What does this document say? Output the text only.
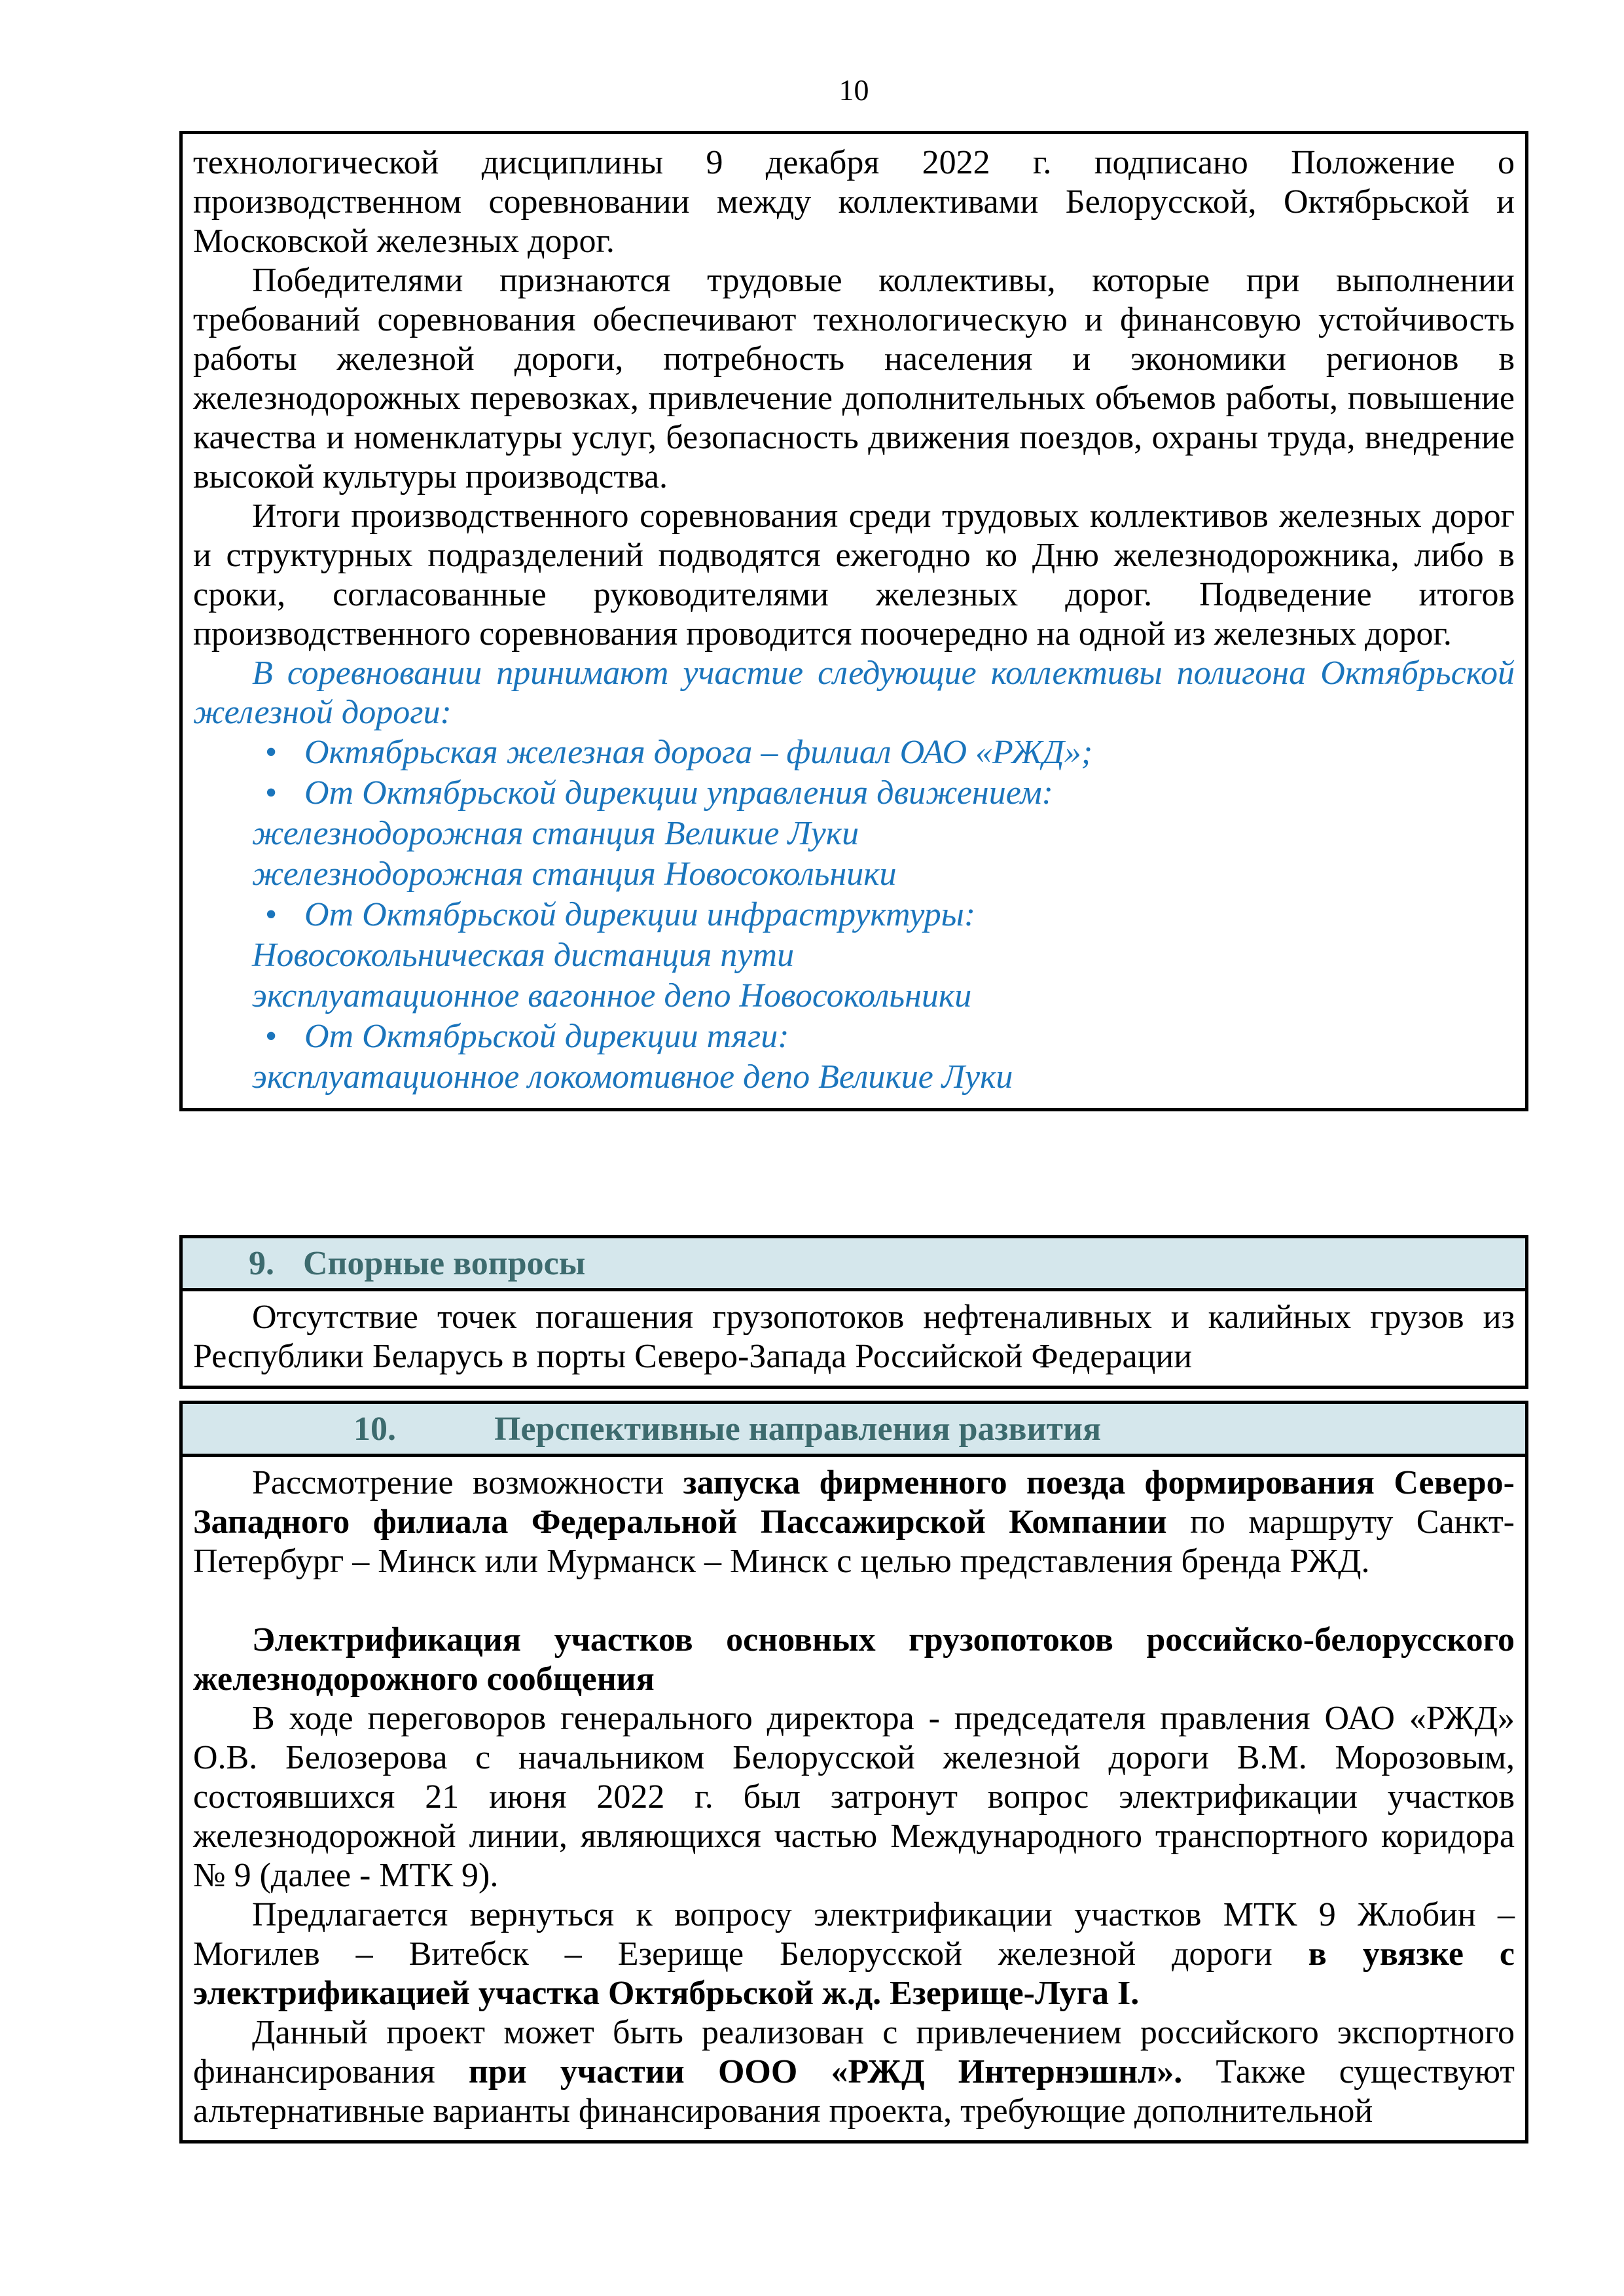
10

технологической дисциплины 9 декабря 2022 г. подписано Положение о производственном соревновании между коллективами Белорусской, Октябрьской и Московской железных дорог.

Победителями признаются трудовые коллективы, которые при выполнении требований соревнования обеспечивают технологическую и финансовую устойчивость работы железной дороги, потребность населения и экономики регионов в железнодорожных перевозках, привлечение дополнительных объемов работы, повышение качества и номенклатуры услуг, безопасность движения поездов, охраны труда, внедрение высокой культуры производства.

Итоги производственного соревнования среди трудовых коллективов железных дорог и структурных подразделений подводятся ежегодно ко Дню железнодорожника, либо в сроки, согласованные руководителями железных дорог. Подведение итогов производственного соревнования проводится поочередно на одной из железных дорог.

В соревновании принимают участие следующие коллективы полигона Октябрьской железной дороги:

• Октябрьская железная дорога – филиал ОАО «РЖД»;
• От Октябрьской дирекции управления движением:
железнодорожная станция Великие Луки
железнодорожная станция Новосокольники
• От Октябрьской дирекции инфраструктуры:
Новосокольническая дистанция пути
эксплуатационное вагонное депо Новосокольники
• От Октябрьской дирекции тяги:
эксплуатационное локомотивное депо Великие Луки
9. Спорные вопросы

Отсутствие точек погашения грузопотоков нефтеналивных и калийных грузов из Республики Беларусь в порты Северо-Запада Российской Федерации

10.	Перспективные направления развития

Рассмотрение возможности запуска фирменного поезда формирования Северо-Западного филиала Федеральной Пассажирской Компании по маршруту Санкт-Петербург – Минск или Мурманск – Минск с целью представления бренда РЖД.

Электрификация участков основных грузопотоков российско-белорусского железнодорожного сообщения

В ходе переговоров генерального директора - председателя правления ОАО «РЖД» О.В. Белозерова с начальником Белорусской железной дороги В.М. Морозовым, состоявшихся 21 июня 2022 г. был затронут вопрос электрификации участков железнодорожной линии, являющихся частью Международного транспортного коридора № 9 (далее - МТК 9).

Предлагается вернуться к вопросу электрификации участков МТК 9 Жлобин – Могилев – Витебск – Езерище Белорусской железной дороги в увязке с электрификацией участка Октябрьской ж.д. Езерище-Луга I.

Данный проект может быть реализован с привлечением российского экспортного финансирования при участии ООО «РЖД Интернэшнл». Также существуют альтернативные варианты финансирования проекта, требующие дополнительной
